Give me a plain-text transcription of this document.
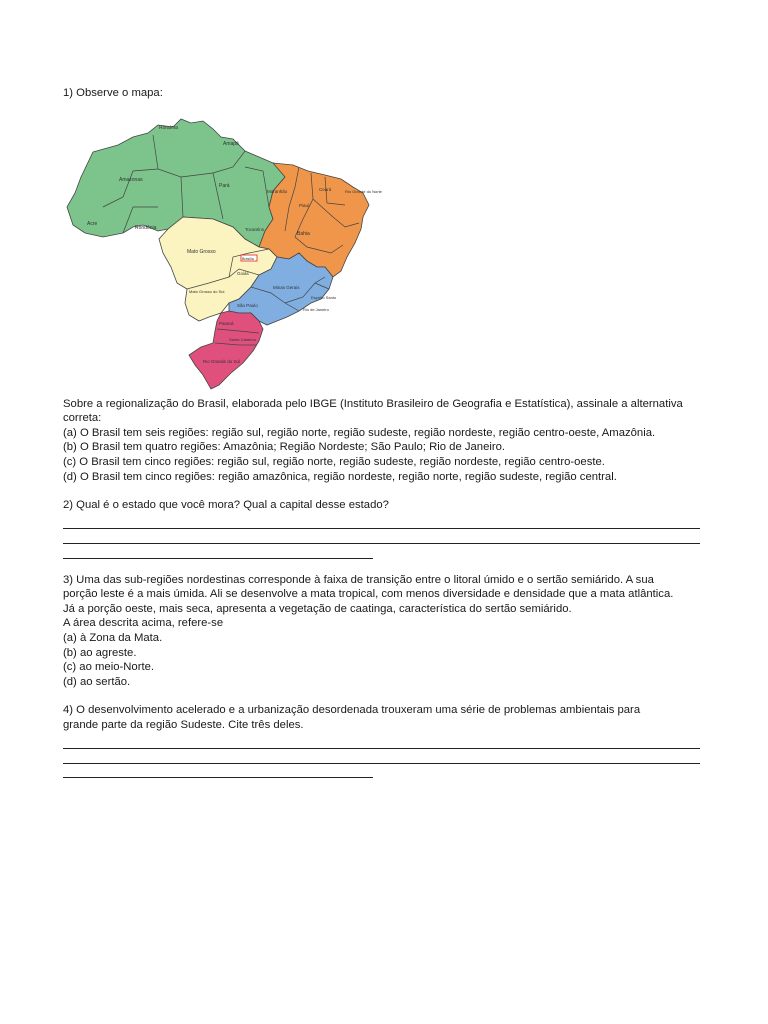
1) Observe o mapa:

Roraima
Amapá
Amazonas
Pará
Maranhão	Ceará	Rio Grande do Norte
Piauí
Acre
Rondônia	Tocantins
Bahia
Mato Grosso
Goiás
Brasília
Minas Gerais
Espírito Santo
Rio de Janeiro
São Paulo
Mato Grosso do Sul
Paraná
Santa Catarina
Rio Grande do Sul

Sobre a regionalização do Brasil, elaborada pelo IBGE (Instituto Brasileiro de Geografia e Estatística), assinale a alternativa

correta:

(a) O Brasil tem seis regiões: região sul, região norte, região sudeste, região nordeste, região centro-oeste, Amazônia.

(b) O Brasil tem quatro regiões: Amazônia; Região Nordeste; São Paulo; Rio de Janeiro.

(c) O Brasil tem cinco regiões: região sul, região norte, região sudeste, região nordeste, região centro-oeste.

(d) O Brasil tem cinco regiões: região amazônica, região nordeste, região norte, região sudeste, região central.

2) Qual é o estado que você mora? Qual a capital desse estado?

3) Uma das sub-regiões nordestinas corresponde à faixa de transição entre o litoral úmido e o sertão semiárido. A sua

porção leste é a mais úmida. Ali se desenvolve a mata tropical, com menos diversidade e densidade que a mata atlântica.

Já a porção oeste, mais seca, apresenta a vegetação de caatinga, característica do sertão semiárido.

A área descrita acima, refere-se

(a) à Zona da Mata.

(b) ao agreste.

(c) ao meio-Norte.

(d) ao sertão.

4) O desenvolvimento acelerado e a urbanização desordenada trouxeram uma série de problemas ambientais para

grande parte da região Sudeste. Cite três deles.
